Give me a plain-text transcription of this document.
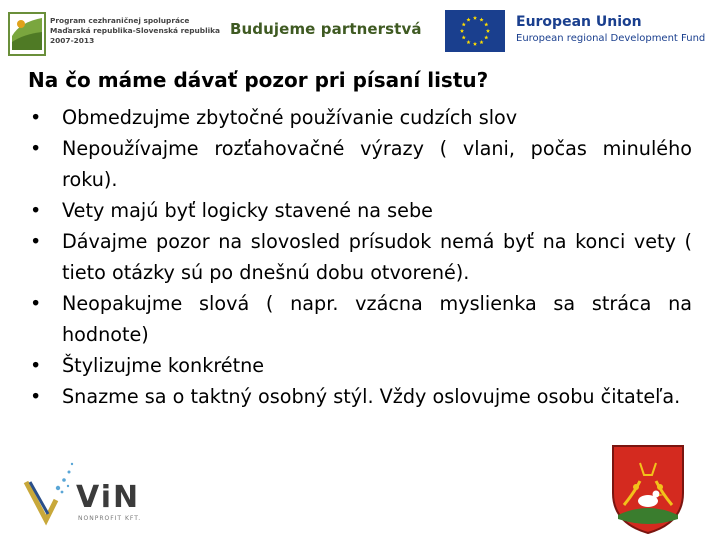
Program cezhraničnej spolupráce
Maďarská republika-Slovenská republika
2007-2013
Budujeme partnerstvá	European Union
European regional Development Fund
Na čo máme dávať pozor pri písaní listu?
• Obmedzujme zbytočné používanie cudzích slov
• Nepoužívajme rozťahovačné výrazy ( vlani, počas minulého roku).
• Vety majú byť logicky stavené na sebe
• Dávajme pozor na slovosled prísudok nemá byť na konci vety ( tieto otázky sú po dnešnú dobu otvorené).
• Neopakujme slová ( napr. vzácna myslienka sa stráca na hodnote)
• Štylizujme konkrétne
• Snazme sa o taktný osobný stýl. Vždy oslovujme osobu čitateľa.
ViN
NONPROFIT KFT.
